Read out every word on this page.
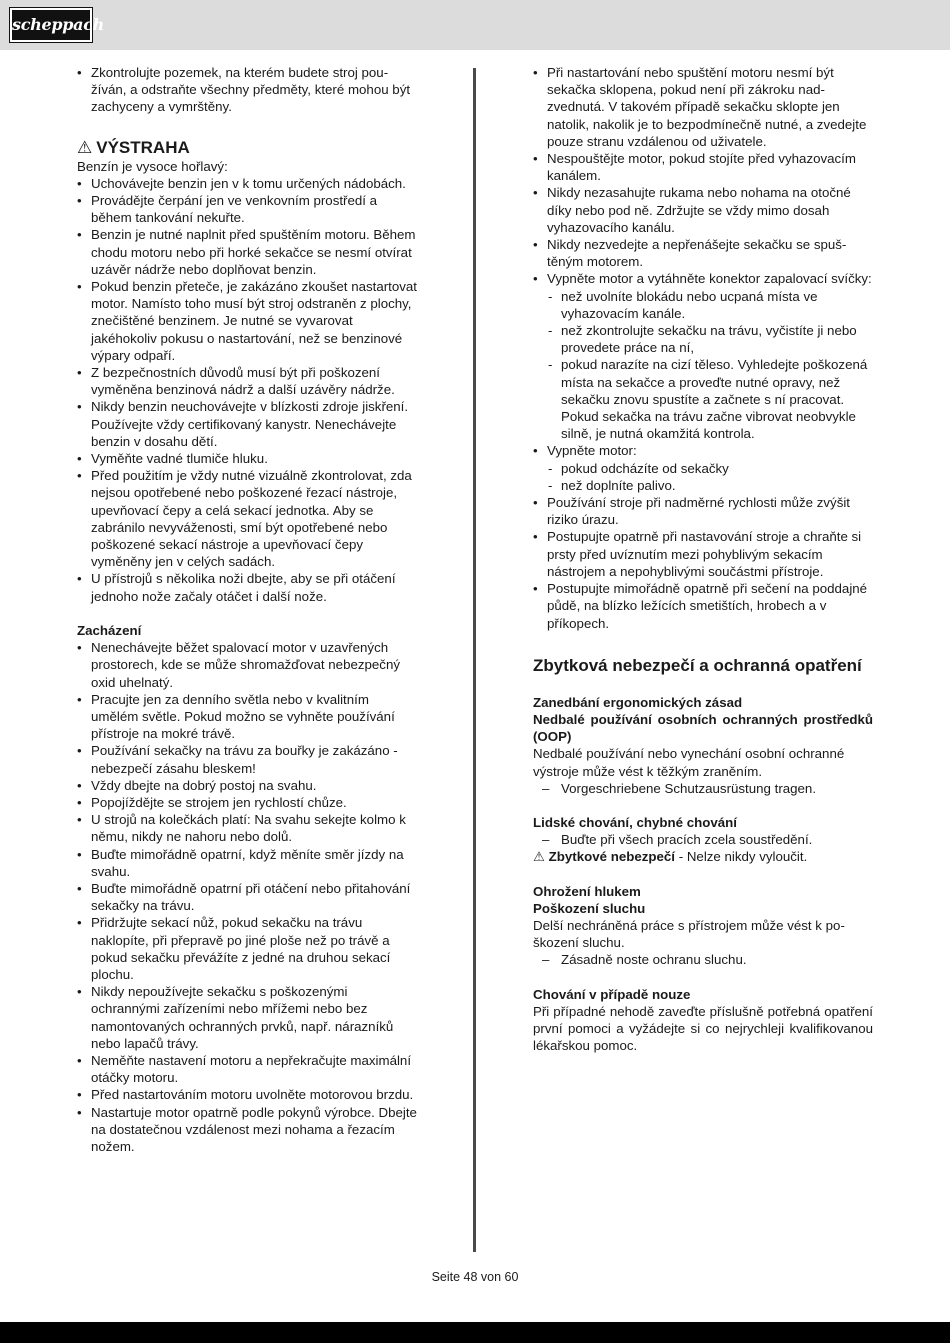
scheppach
• Zkontrolujte pozemek, na kterém budete stroj používán, a odstraňte všechny předměty, které mohou být zachyceny a vymrštěny.
⚠ VÝSTRAHA

Benzín je vysoce hořlavý:

• Uchovávejte benzin jen v k tomu určených nádobách.
• Provádějte čerpání jen ve venkovním prostředí a během tankování nekuřte.
• Benzin je nutné naplnit před spuštěním motoru. Během chodu motoru nebo při horké sekačce se nesmí otvírat uzávěr nádrže nebo doplňovat benzin.
• Pokud benzin přeteče, je zakázáno zkoušet nastartovat motor. Namísto toho musí být stroj odstraněn z plochy, znečištěné benzinem. Je nutné se vyvarovat jakéhokoliv pokusu o nastartování, než se benzinové výpary odpaří.
• Z bezpečnostních důvodů musí být při poškození vyměněna benzinová nádrž a další uzávěry nádrže.
• Nikdy benzin neuchovávejte v blízkosti zdroje jiskření. Používejte vždy certifikovaný kanystr. Nenechávejte benzin v dosahu dětí.
• Vyměňte vadné tlumiče hluku.
• Před použitím je vždy nutné vizuálně zkontrolovat, zda nejsou opotřebené nebo poškozené řezací nástroje, upevňovací čepy a celá sekací jednotka. Aby se zabránilo nevyváženosti, smí být opotřebené nebo poškozené sekací nástroje a upevňovací čepy vyměněny jen v celých sadách.
• U přístrojů s několika noži dbejte, aby se při otáčení jednoho nože začaly otáčet i další nože.

Zacházení

• Nenechávejte běžet spalovací motor v uzavřených prostorech, kde se může shromažďovat nebezpečný oxid uhelnatý.
• Pracujte jen za denního světla nebo v kvalitním umělém světle. Pokud možno se vyhněte používání přístroje na mokré trávě.
• Používání sekačky na trávu za bouřky je zakázáno - nebezpečí zásahu bleskem!
• Vždy dbejte na dobrý postoj na svahu.
• Popojíždějte se strojem jen rychlostí chůze.
• U strojů na kolečkách platí: Na svahu sekejte kolmo k němu, nikdy ne nahoru nebo dolů.
• Buďte mimořádně opatrní, když měníte směr jízdy na svahu.
• Buďte mimořádně opatrní při otáčení nebo přitahování sekačky na trávu.
• Přidržujte sekací nůž, pokud sekačku na trávu naklopíte, při přepravě po jiné ploše než po trávě a pokud sekačku převážíte z jedné na druhou sekací plochu.
• Nikdy nepoužívejte sekačku s poškozenými ochrannými zařízeními nebo mřížemi nebo bez namontovaných ochranných prvků, např. nárazníků nebo lapačů trávy.
• Neměňte nastavení motoru a nepřekračujte maximální otáčky motoru.
• Před nastartováním motoru uvolněte motorovou brzdu.
• Nastartuje motor opatrně podle pokynů výrobce. Dbejte na dostatečnou vzdálenost mezi nohama a řezacím nožem.
• Při nastartování nebo spuštění motoru nesmí být sekačka sklopena, pokud není při zákroku nadzvednutá. V takovém případě sekačku sklopte jen natolik, nakolik je to bezpodmínečně nutné, a zvedejte pouze stranu vzdálenou od uživatele.
• Nespouštějte motor, pokud stojíte před vyhazovacím kanálem.
• Nikdy nezasahujte rukama nebo nohama na otočné díky nebo pod ně. Zdržujte se vždy mimo dosah vyhazovacího kanálu.
• Nikdy nezvedejte a nepřenášejte sekačku se spuštěným motorem.
• Vypněte motor a vytáhněte konektor zapalovací svíčky:
- než uvolníte blokádu nebo ucpaná místa ve vyhazovacím kanále.
- než zkontrolujte sekačku na trávu, vyčistíte ji nebo provedete práce na ní,
- pokud narazíte na cizí těleso. Vyhledejte poškozená místa na sekačce a proveďte nutné opravy, než sekačku znovu spustíte a začnete s ní pracovat. Pokud sekačka na trávu začne vibrovat neobvykle silně, je nutná okamžitá kontrola.
• Vypněte motor:
- pokud odcházíte od sekačky
- než doplníte palivo.
• Používání stroje při nadměrné rychlosti může zvýšit riziko úrazu.
• Postupujte opatrně při nastavování stroje a chraňte si prsty před uvíznutím mezi pohyblivým sekacím nástrojem a nepohyblivými součástmi přístroje.
• Postupujte mimořádně opatrně při sečení na poddajné půdě, na blízko ležících smetištích, hrobech a v příkopech.
Zbytková nebezpečí a ochranná opatření

Zanedbání ergonomických zásad

Nedbalé používání osobních ochranných prostředků (OOP)

Nedbalé používání nebo vynechání osobní ochranné výstroje může vést k těžkým zraněním.

– Vorgeschriebene Schutzausrüstung tragen.

Lidské chování, chybné chování

– Buďte při všech pracích zcela soustředění.

⚠ Zbytkové nebezpečí - Nelze nikdy vyloučit.

Ohrožení hlukem

Poškození sluchu

Delší nechráněná práce s přístrojem může vést k poškození sluchu.

– Zásadně noste ochranu sluchu.

Chování v případě nouze

Při případné nehodě zaveďte příslušně potřebná opatření první pomoci a vyžádejte si co nejrychleji kvalifikovanou lékařskou pomoc.

Seite 48 von 60
